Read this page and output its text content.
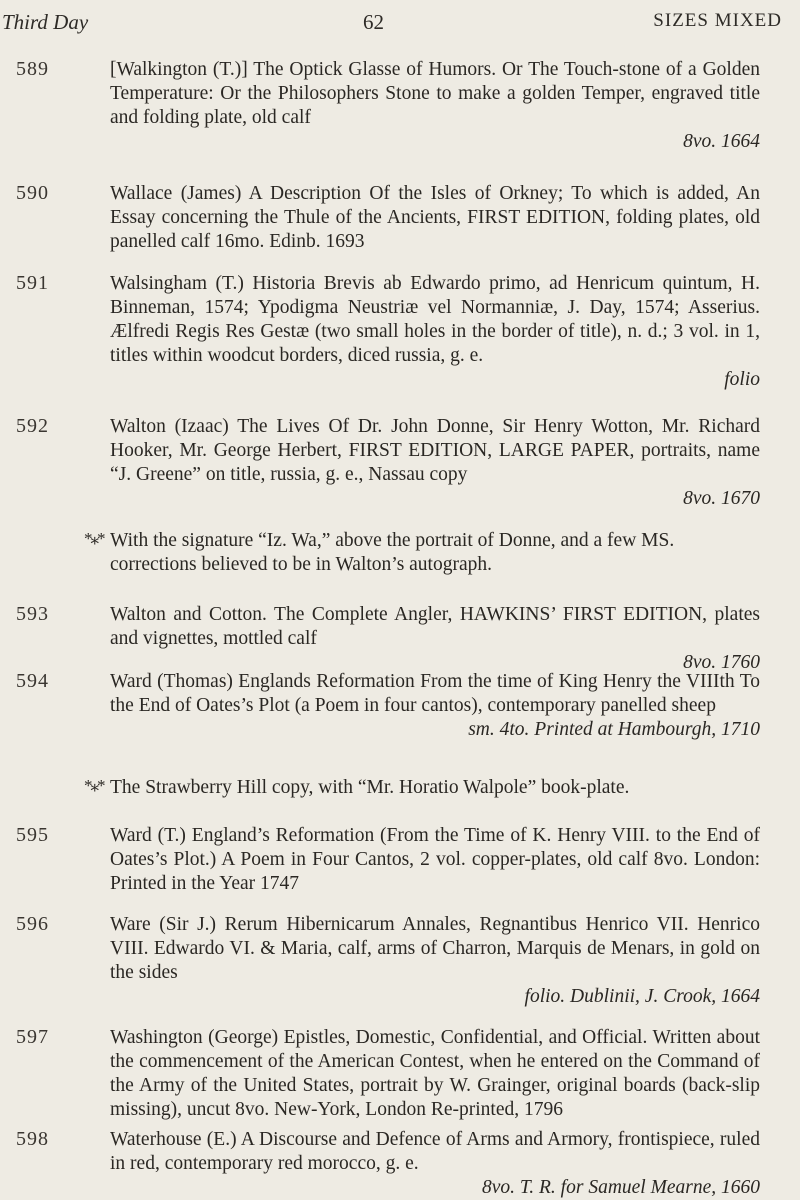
Third Day	62	SIZES MIXED
589	[Walkington (T.)] The Optick Glasse of Humors. Or The Touch-stone of a Golden Temperature: Or the Philosophers Stone to make a golden Temper, engraved title and folding plate, old calf
8vo. 1664
590	Wallace (James) A Description Of the Isles of Orkney; To which is added, An Essay concerning the Thule of the Ancients, FIRST EDITION, folding plates, old panelled calf 16mo. Edinb. 1693
591	Walsingham (T.) Historia Brevis ab Edwardo primo, ad Henricum quintum, H. Binneman, 1574; Ypodigma Neustriæ vel Normanniæ, J. Day, 1574; Asserius. Ælfredi Regis Res Gestæ (two small holes in the border of title), n. d.; 3 vol. in 1, titles within woodcut borders, diced russia, g. e.
folio
592	Walton (Izaac) The Lives Of Dr. John Donne, Sir Henry Wotton, Mr. Richard Hooker, Mr. George Herbert, FIRST EDITION, LARGE PAPER, portraits, name “J. Greene” on title, russia, g. e., Nassau copy
8vo. 1670
*⁎* With the signature “Iz. Wa,” above the portrait of Donne, and a few MS. corrections believed to be in Walton’s autograph.
593	Walton and Cotton. The Complete Angler, HAWKINS’ FIRST EDITION, plates and vignettes, mottled calf
8vo. 1760
594	Ward (Thomas) Englands Reformation From the time of King Henry the VIIIth To the End of Oates’s Plot (a Poem in four cantos), contemporary panelled sheep
sm. 4to. Printed at Hambourgh, 1710
*⁎* The Strawberry Hill copy, with “Mr. Horatio Walpole” book-plate.
595	Ward (T.) England’s Reformation (From the Time of K. Henry VIII. to the End of Oates’s Plot.) A Poem in Four Cantos, 2 vol. copper-plates, old calf 8vo. London: Printed in the Year 1747
596	Ware (Sir J.) Rerum Hibernicarum Annales, Regnantibus Henrico VII. Henrico VIII. Edwardo VI. & Maria, calf, arms of Charron, Marquis de Menars, in gold on the sides
folio. Dublinii, J. Crook, 1664
597	Washington (George) Epistles, Domestic, Confidential, and Official. Written about the commencement of the American Contest, when he entered on the Command of the Army of the United States, portrait by W. Grainger, original boards (back-slip missing), uncut 8vo. New-York, London Re-printed, 1796
598	Waterhouse (E.) A Discourse and Defence of Arms and Armory, frontispiece, ruled in red, contemporary red morocco, g. e.
8vo. T. R. for Samuel Mearne, 1660
